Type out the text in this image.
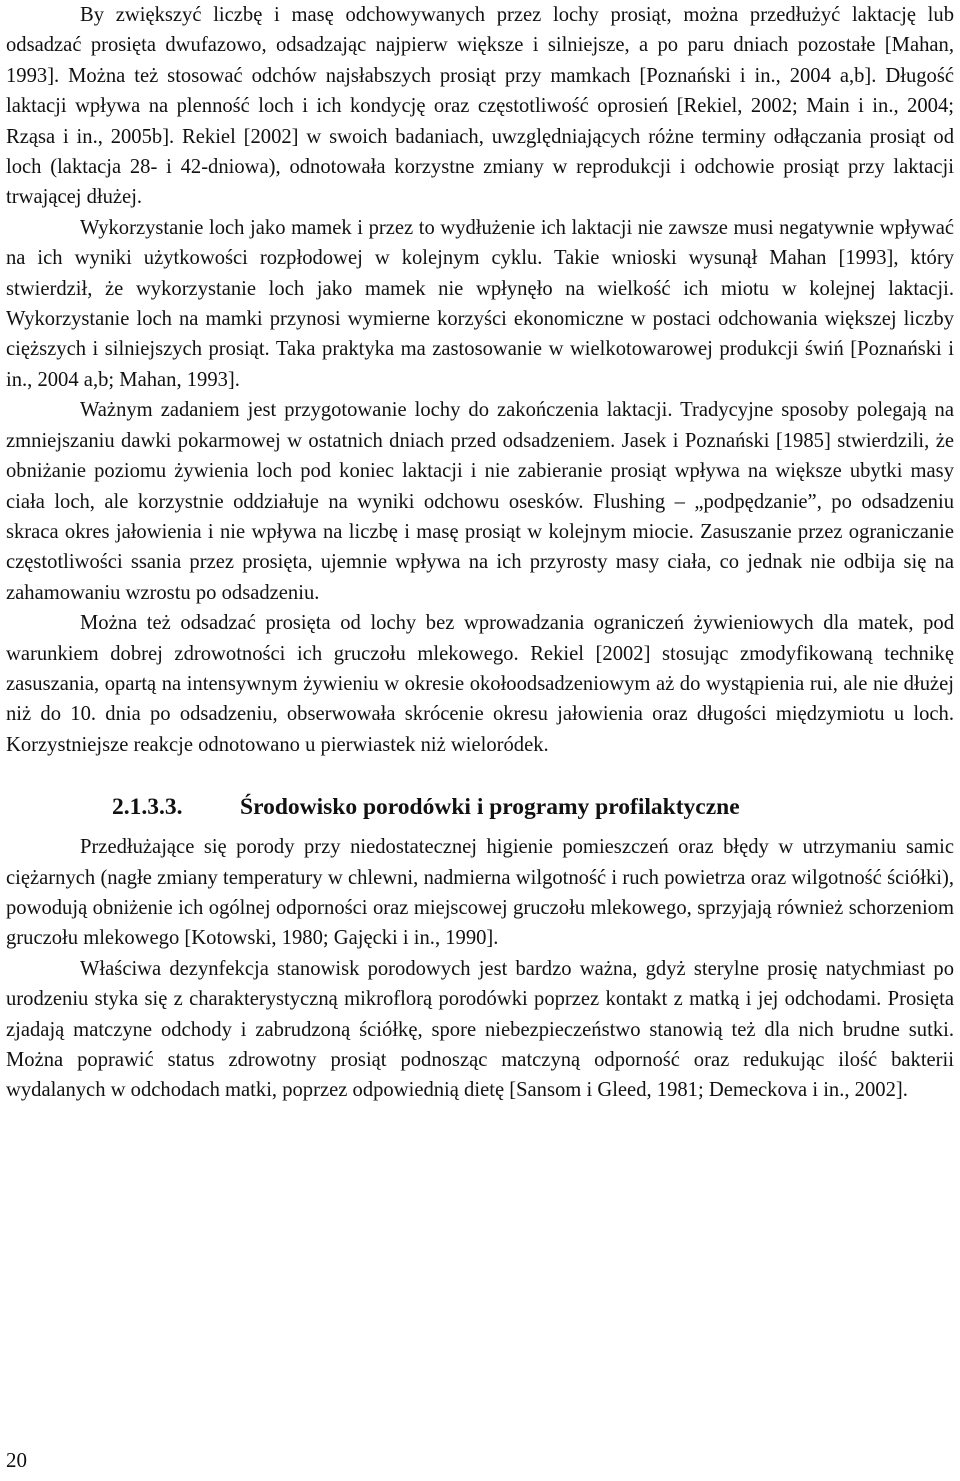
By zwiększyć liczbę i masę odchowywanych przez lochy prosiąt, można przedłużyć laktację lub odsadzać prosięta dwufazowo, odsadzając najpierw większe i silniejsze, a po paru dniach pozostałe [Mahan, 1993]. Można też stosować odchów najsłabszych prosiąt przy mamkach [Poznański i in., 2004 a,b]. Długość laktacji wpływa na plenność loch i ich kondycję oraz częstotliwość oprosień [Rekiel, 2002; Main i in., 2004; Rząsa i in., 2005b]. Rekiel [2002] w swoich badaniach, uwzględniających różne terminy odłączania prosiąt od loch (laktacja 28- i 42-dniowa), odnotowała korzystne zmiany w reprodukcji i odchowie prosiąt przy laktacji trwającej dłużej.

Wykorzystanie loch jako mamek i przez to wydłużenie ich laktacji nie zawsze musi negatywnie wpływać na ich wyniki użytkowości rozpłodowej w kolejnym cyklu. Takie wnioski wysunął Mahan [1993], który stwierdził, że wykorzystanie loch jako mamek nie wpłynęło na wielkość ich miotu w kolejnej laktacji. Wykorzystanie loch na mamki przynosi wymierne korzyści ekonomiczne w postaci odchowania większej liczby cięższych i silniejszych prosiąt. Taka praktyka ma zastosowanie w wielkotowarowej produkcji świń [Poznański i in., 2004 a,b; Mahan, 1993].

Ważnym zadaniem jest przygotowanie lochy do zakończenia laktacji. Tradycyjne sposoby polegają na zmniejszaniu dawki pokarmowej w ostatnich dniach przed odsadzeniem. Jasek i Poznański [1985] stwierdzili, że obniżanie poziomu żywienia loch pod koniec laktacji i nie zabieranie prosiąt wpływa na większe ubytki masy ciała loch, ale korzystnie oddziałuje na wyniki odchowu osesków. Flushing – „podpędzanie”, po odsadzeniu skraca okres jałowienia i nie wpływa na liczbę i masę prosiąt w kolejnym miocie. Zasuszanie przez ograniczanie częstotliwości ssania przez prosięta, ujemnie wpływa na ich przyrosty masy ciała, co jednak nie odbija się na zahamowaniu wzrostu po odsadzeniu.

Można też odsadzać prosięta od lochy bez wprowadzania ograniczeń żywieniowych dla matek, pod warunkiem dobrej zdrowotności ich gruczołu mlekowego. Rekiel [2002] stosując zmodyfikowaną technikę zasuszania, opartą na intensywnym żywieniu w okresie okołoodsadzeniowym aż do wystąpienia rui, ale nie dłużej niż do 10. dnia po odsadzeniu, obserwowała skrócenie okresu jałowienia oraz długości międzymiotu u loch. Korzystniejsze reakcje odnotowano u pierwiastek niż wieloródek.

2.1.3.3. Środowisko porodówki i programy profilaktyczne

Przedłużające się porody przy niedostatecznej higienie pomieszczeń oraz błędy w utrzymaniu samic ciężarnych (nagłe zmiany temperatury w chlewni, nadmierna wilgotność i ruch powietrza oraz wilgotność ściółki), powodują obniżenie ich ogólnej odporności oraz miejscowej gruczołu mlekowego, sprzyjają również schorzeniom gruczołu mlekowego [Kotowski, 1980; Gajęcki i in., 1990].

Właściwa dezynfekcja stanowisk porodowych jest bardzo ważna, gdyż sterylne prosię natychmiast po urodzeniu styka się z charakterystyczną mikroflorą porodówki poprzez kontakt z matką i jej odchodami. Prosięta zjadają matczyne odchody i zabrudzoną ściółkę, spore niebezpieczeństwo stanowią też dla nich brudne sutki. Można poprawić status zdrowotny prosiąt podnosząc matczyną odporność oraz redukując ilość bakterii wydalanych w odchodach matki, poprzez odpowiednią dietę [Sansom i Gleed, 1981; Demeckova i in., 2002].

20
